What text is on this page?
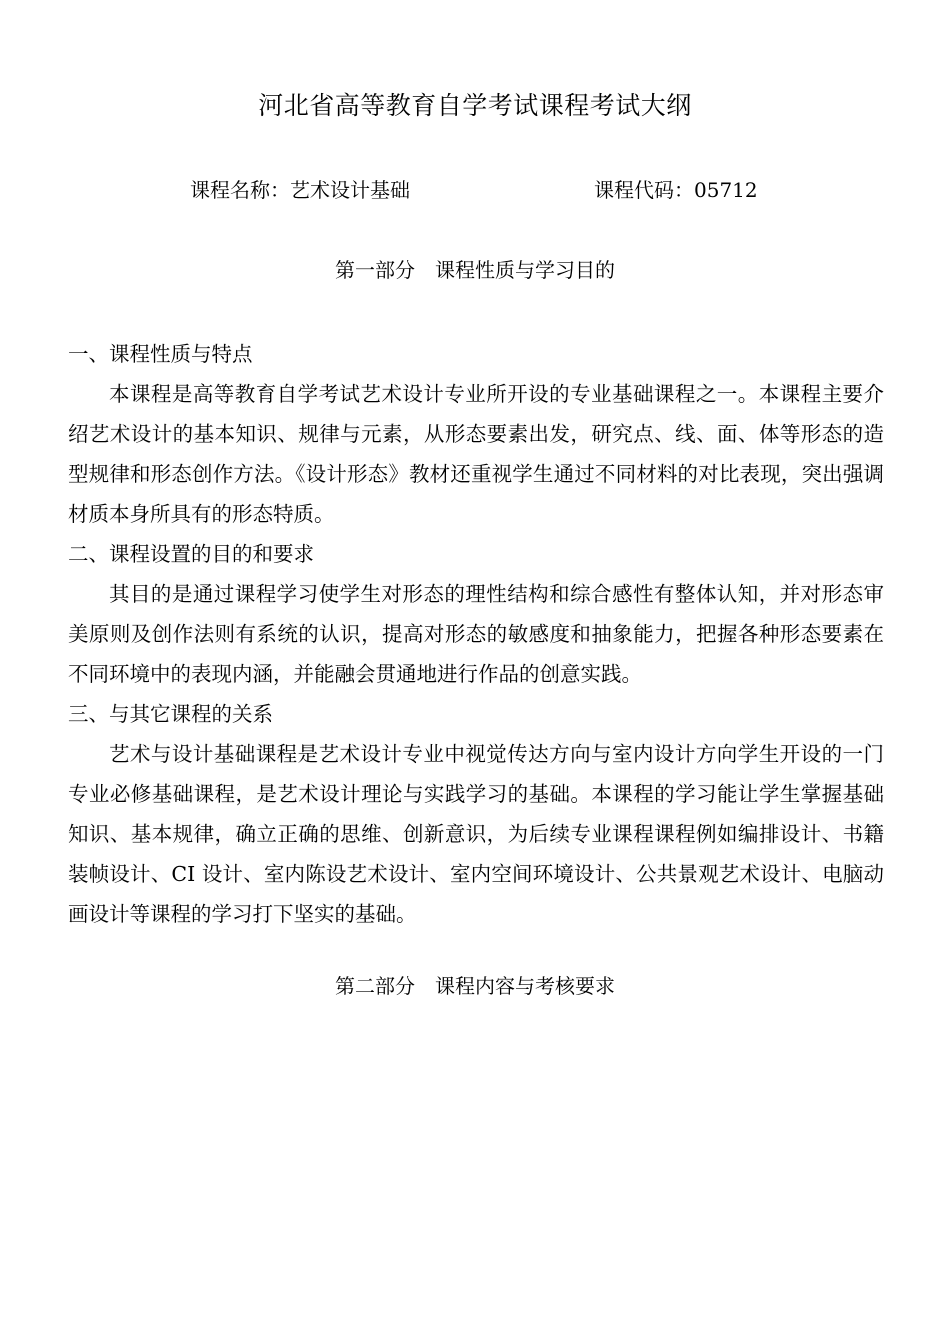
河北省高等教育自学考试课程考试大纲
课程名称：艺术设计基础	课程代码：05712
第一部分　课程性质与学习目的

一、课程性质与特点

本课程是高等教育自学考试艺术设计专业所开设的专业基础课程之一。本课程主要介绍艺术设计的基本知识、规律与元素，从形态要素出发，研究点、线、面、体等形态的造型规律和形态创作方法。《设计形态》教材还重视学生通过不同材料的对比表现，突出强调材质本身所具有的形态特质。

二、课程设置的目的和要求

其目的是通过课程学习使学生对形态的理性结构和综合感性有整体认知，并对形态审美原则及创作法则有系统的认识，提高对形态的敏感度和抽象能力，把握各种形态要素在不同环境中的表现内涵，并能融会贯通地进行作品的创意实践。

三、与其它课程的关系

艺术与设计基础课程是艺术设计专业中视觉传达方向与室内设计方向学生开设的一门专业必修基础课程，是艺术设计理论与实践学习的基础。本课程的学习能让学生掌握基础知识、基本规律，确立正确的思维、创新意识，为后续专业课程课程例如编排设计、书籍装帧设计、CI 设计、室内陈设艺术设计、室内空间环境设计、公共景观艺术设计、电脑动画设计等课程的学习打下坚实的基础。

第二部分　课程内容与考核要求
